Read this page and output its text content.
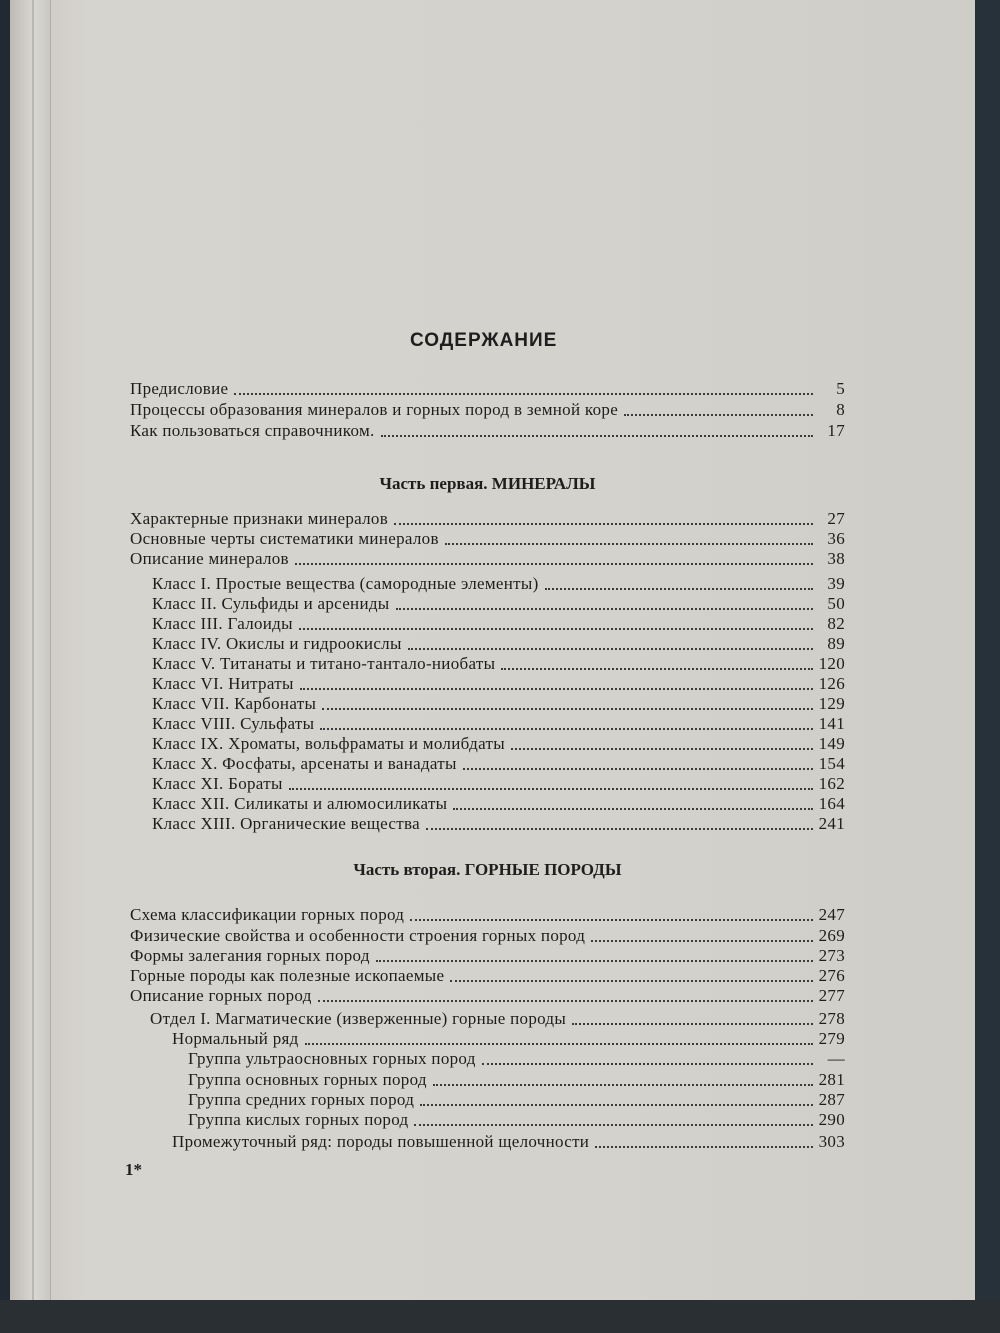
СОДЕРЖАНИЕ
Предисловие	5
Процессы образования минералов и горных пород в земной коре	8
Как пользоваться справочником.	17
Часть первая. МИНЕРАЛЫ
Характерные признаки минералов	27
Основные черты систематики минералов	36
Описание минералов	38
Класс I. Простые вещества (самородные элементы)	39
Класс II. Сульфиды и арсениды	50
Класс III. Галоиды	82
Класс IV. Окислы и гидроокислы	89
Класс V. Титанаты и титано-тантало-ниобаты	120
Класс VI. Нитраты	126
Класс VII. Карбонаты	129
Класс VIII. Сульфаты	141
Класс IX. Хроматы, вольфраматы и молибдаты	149
Класс X. Фосфаты, арсенаты и ванадаты	154
Класс XI. Бораты	162
Класс XII. Силикаты и алюмосиликаты	164
Класс XIII. Органические вещества	241
Часть вторая. ГОРНЫЕ ПОРОДЫ
Схема классификации горных пород	247
Физические свойства и особенности строения горных пород	269
Формы залегания горных пород	273
Горные породы как полезные ископаемые	276
Описание горных пород	277
Отдел I. Магматические (изверженные) горные породы	278
Нормальный ряд	279
Группа ультраосновных горных пород	—
Группа основных горных пород	281
Группа средних горных пород	287
Группа кислых горных пород	290
Промежуточный ряд: породы повышенной щелочности	303
1*
